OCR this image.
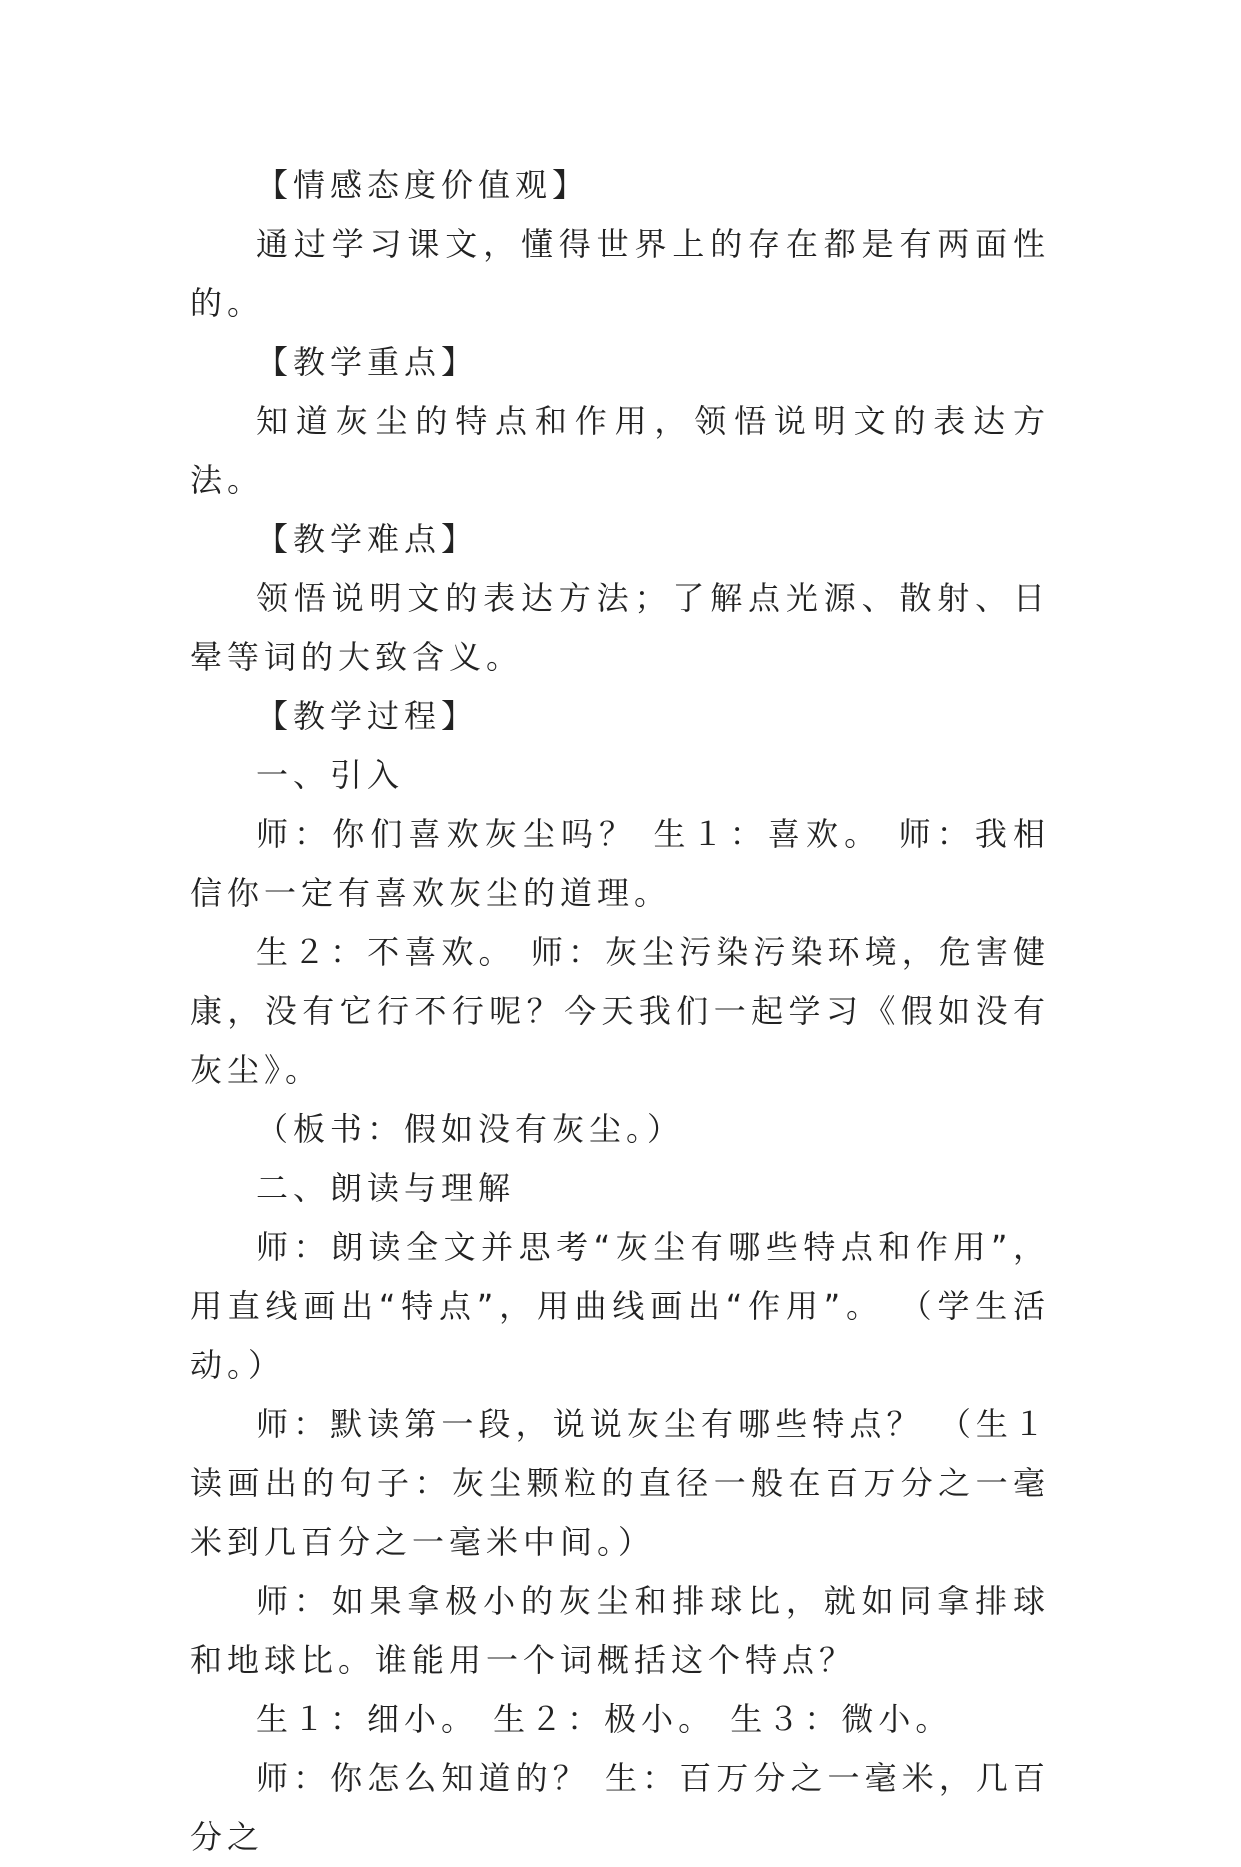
【情感态度价值观】

通过学习课文，懂得世界上的存在都是有两面性的。

【教学重点】

知道灰尘的特点和作用，领悟说明文的表达方法。

【教学难点】

领悟说明文的表达方法；了解点光源、散射、日晕等词的大致含义。

【教学过程】

一、引入

师：你们喜欢灰尘吗？ 生１：喜欢。 师：我相信你一定有喜欢灰尘的道理。

生２：不喜欢。 师：灰尘污染污染环境，危害健康，没有它行不行呢？今天我们一起学习《假如没有灰尘》。

（板书：假如没有灰尘。）

二、朗读与理解

师：朗读全文并思考“灰尘有哪些特点和作用”，用直线画出“特点”，用曲线画出“作用”。 （学生活动。）

师：默读第一段，说说灰尘有哪些特点？ （生１读画出的句子：灰尘颗粒的直径一般在百万分之一毫米到几百分之一毫米中间。）

师：如果拿极小的灰尘和排球比，就如同拿排球和地球比。谁能用一个词概括这个特点？

生１：细小。 生２：极小。 生３：微小。

师：你怎么知道的？ 生：百万分之一毫米，几百分之
